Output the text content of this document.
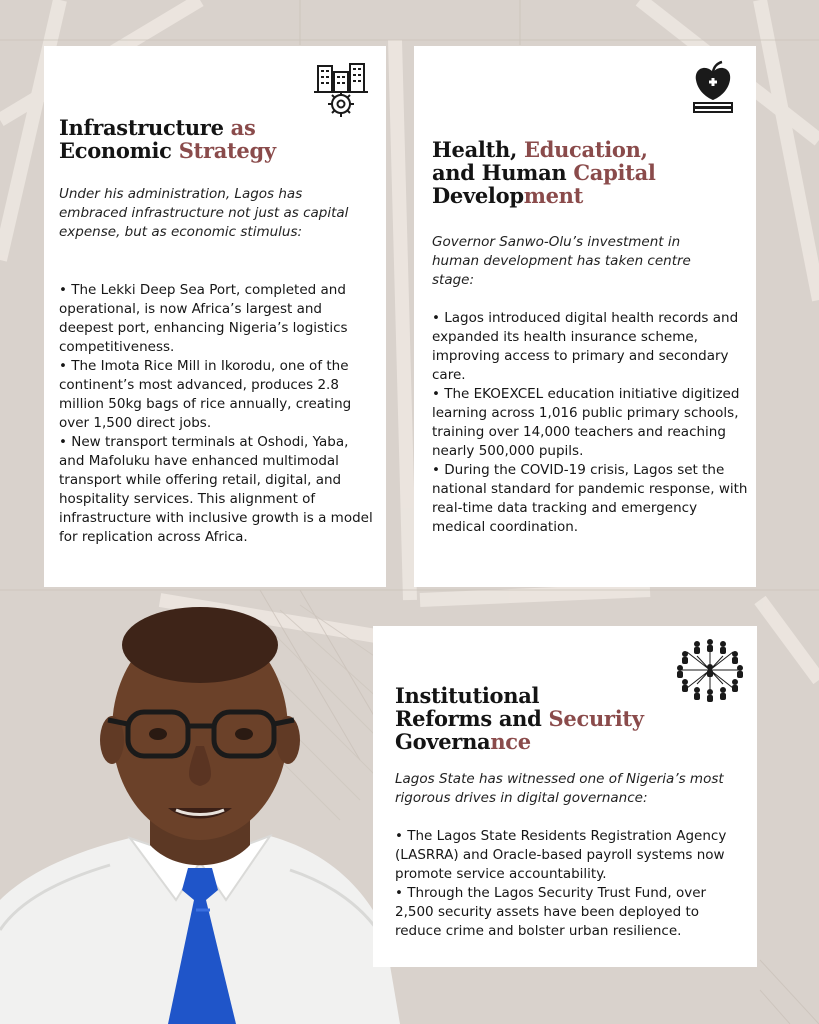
Infrastructure as
Economic Strategy

Under his administration, Lagos has embraced infrastructure not just as capital expense, but as economic stimulus:

• The Lekki Deep Sea Port, completed and operational, is now Africa’s largest and deepest port, enhancing Nigeria’s logistics competitiveness.
• The Imota Rice Mill in Ikorodu, one of the continent’s most advanced, produces 2.8 million 50kg bags of rice annually, creating over 1,500 direct jobs.
• New transport terminals at Oshodi, Yaba, and Mafoluku have enhanced multimodal transport while offering retail, digital, and hospitality services. This alignment of infrastructure with inclusive growth is a model for replication across Africa.
Health, Education,
and Human Capital
Development

Governor Sanwo-Olu’s investment in human development has taken centre stage:

• Lagos introduced digital health records and expanded its health insurance scheme, improving access to primary and secondary care.
• The EKOEXCEL education initiative digitized learning across 1,016 public primary schools, training over 14,000 teachers and reaching nearly 500,000 pupils.
• During the COVID-19 crisis, Lagos set the national standard for pandemic response, with real-time data tracking and emergency medical coordination.
Institutional
Reforms and Security
Governance

Lagos State has witnessed one of Nigeria’s most rigorous drives in digital governance:

• The Lagos State Residents Registration Agency (LASRRA) and Oracle-based payroll systems now promote service accountability.
• Through the Lagos Security Trust Fund, over 2,500 security assets have been deployed to reduce crime and bolster urban resilience.
